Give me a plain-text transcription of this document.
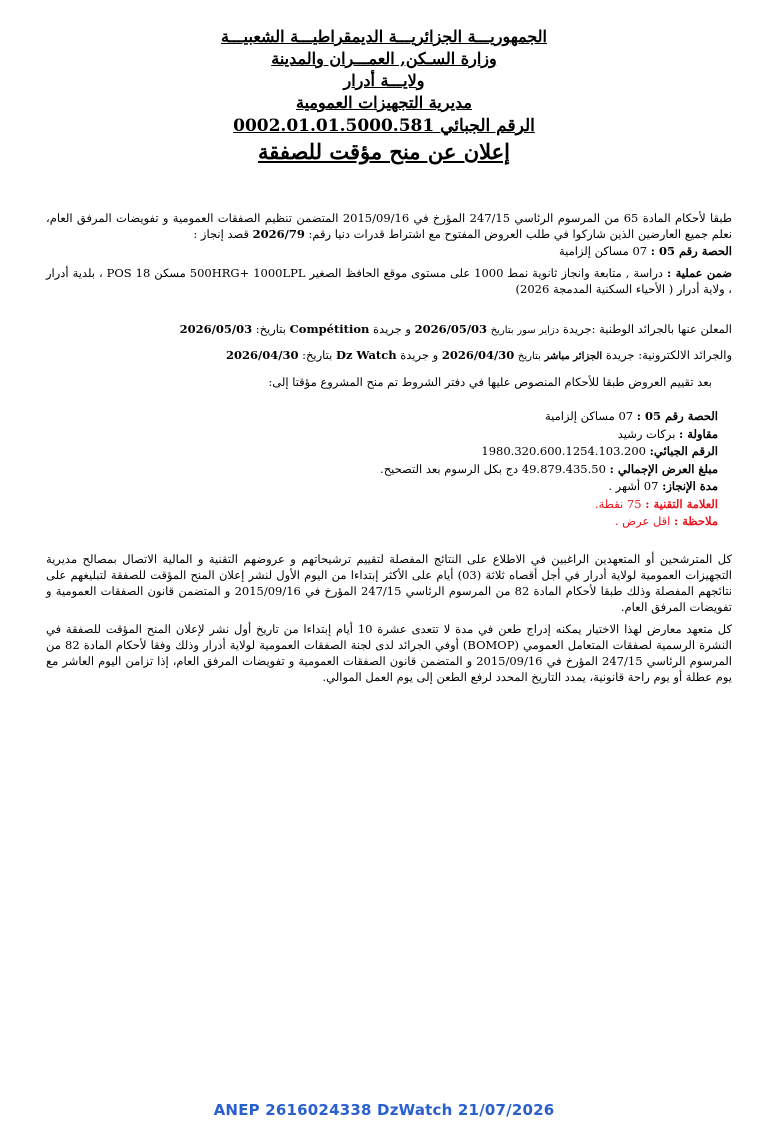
الجمهوريـــة الجزائريـــة الديمقراطيـــة الشعبيـــة
وزارة السـكن, العمـــران والمدينة
ولايـــة أدرار
مديرية التجهيزات العمومية
الرقم الجبائي 0002.01.01.5000.581
إعلان عن منح مؤقت للصفقة
طبقا لأحكام المادة 65 من المرسوم الرئاسي 247/15 المؤرخ في 2015/09/16 المتضمن تنظيم الصفقات العمومية و تفويضات المرفق العام، نعلم جميع العارضين الذين شاركوا في طلب العروض المفتوح مع اشتراط قدرات دنيا رقم: 2026/79 قصد إنجاز :
الحصة رقم 05 : 07 مساكن إلزامية
ضمن عملية : دراسة , متابعة وانجاز ثانوية نمط 1000 على مستوى موقع الحافظ الصغير 500HRG+ 1000LPL مسكن 18 POS ، بلدية أدرار ، ولاية أدرار ( الأحياء السكنية المدمجة 2026)
المعلن عنها بالجرائد الوطنية :جريدة دزاير سور بتاريخ 2026/05/03 و جريدة Compétition بتاريخ: 2026/05/03
والجرائد الالكترونية: جريدة الجزائر مباشر بتاريخ 2026/04/30 و جريدة Dz Watch بتاريخ: 2026/04/30
بعد تقييم العروض طبقا للأحكام المنصوص عليها في دفتر الشروط تم منح المشروع مؤقتا إلى:
الحصة رقم 05 : 07 مساكن إلزامية
مقاولة : بركات رشيد
الرقم الجبائي: 1980.320.600.1254.103.200
مبلغ العرض الإجمالي : 49.879.435.50 دج بكل الرسوم بعد التصحيح.
مدة الإنجاز: 07 أشهر .
العلامة التقنية : 75 نقطة.
ملاحظة : اقل عرض .
كل المترشحين أو المتعهدين الراغبين في الاطلاع على النتائج المفصلة لتقييم ترشيحاتهم و عروضهم التقنية و المالية الاتصال بمصالح مديرية التجهيزات العمومية لولاية أدرار في أجل أقصاه ثلاثة (03) أيام على الأكثر إبتداءا من اليوم الأول لنشر إعلان المنح المؤقت للصفقة لتبليغهم على نتائجهم المفصلة وذلك طبقا لأحكام المادة 82 من المرسوم الرئاسي 247/15 المؤرخ في 2015/09/16 و المتضمن قانون الصفقات العمومية و تفويضات المرفق العام.
كل متعهد معارض لهذا الاختيار يمكنه إدراج طعن في مدة لا تتعدى عشرة 10 أيام إبتداءا من تاريخ أول نشر لإعلان المنح المؤقت للصفقة في النشرة الرسمية لصفقات المتعامل العمومي (BOMOP) أوفي الجرائد لدى لجنة الصفقات العمومية لولاية أدرار وذلك وفقا لأحكام المادة 82 من المرسوم الرئاسي 247/15 المؤرخ في 2015/09/16 و المتضمن قانون الصفقات العمومية و تفويضات المرفق العام، إذا تزامن اليوم العاشر مع يوم عطلة أو يوم راحة قانونية، يمدد التاريخ المحدد لرفع الطعن إلى يوم العمل الموالي.
ANEP 2616024338 DzWatch 21/07/2026
